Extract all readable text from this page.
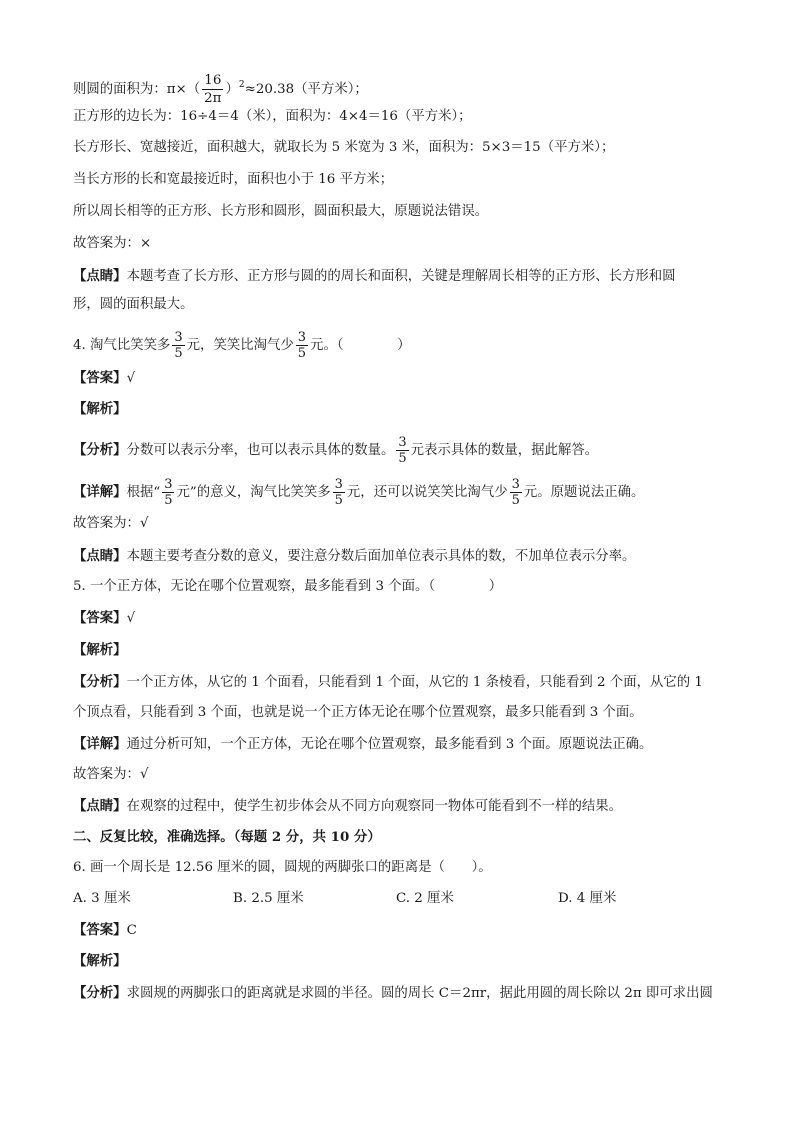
则圆的面积为：$\pi\times( \frac{16}{2\pi} )^2\approx 20.38$（平方米）；
正方形的边长为：16÷4＝4（米），面积为：4×4＝16（平方米）；
长方形长、宽越接近，面积越大，就取长为 5 米宽为 3 米，面积为：5×3＝15（平方米）；
当长方形的长和宽最接近时，面积也小于 16 平方米；
所以周长相等的正方形、长方形和圆形，圆面积最大，原题说法错误。
故答案为：×
【点睛】本题考查了长方形、正方形与圆的的周长和面积，关键是理解周长相等的正方形、长方形和圆
形，圆的面积最大。
4. 淘气比笑笑多 $\frac{3}{5}$ 元，笑笑比淘气少 $\frac{3}{5}$ 元。（　　　　）
【答案】√
【解析】
【分析】分数可以表示分率，也可以表示具体的数量。 $\frac{3}{5}$ 元表示具体的数量，据此解答。
【详解】根据“ $\frac{3}{5}$ 元”的意义，淘气比笑笑多 $\frac{3}{5}$ 元，还可以说笑笑比淘气少 $\frac{3}{5}$ 元。原题说法正确。
故答案为：√
【点睛】本题主要考查分数的意义，要注意分数后面加单位表示具体的数，不加单位表示分率。
5. 一个正方体，无论在哪个位置观察，最多能看到 3 个面。（　　　　）
【答案】√
【解析】
【分析】一个正方体，从它的 1 个面看，只能看到 1 个面，从它的 1 条棱看，只能看到 2 个面，从它的 1
个顶点看，只能看到 3 个面，也就是说一个正方体无论在哪个位置观察，最多只能看到 3 个面。
【详解】通过分析可知，一个正方体，无论在哪个位置观察，最多能看到 3 个面。原题说法正确。
故答案为：√
【点睛】在观察的过程中，使学生初步体会从不同方向观察同一物体可能看到不一样的结果。
二、反复比较，准确选择。（每题 2 分，共 10 分）
6. 画一个周长是 12.56 厘米的圆，圆规的两脚张口的距离是（　　）。
A. 3 厘米	B. 2.5 厘米	C. 2 厘米	D. 4 厘米
【答案】C
【解析】
【分析】求圆规的两脚张口的距离就是求圆的半径。圆的周长 C＝2πr，据此用圆的周长除以 2π 即可求出圆
